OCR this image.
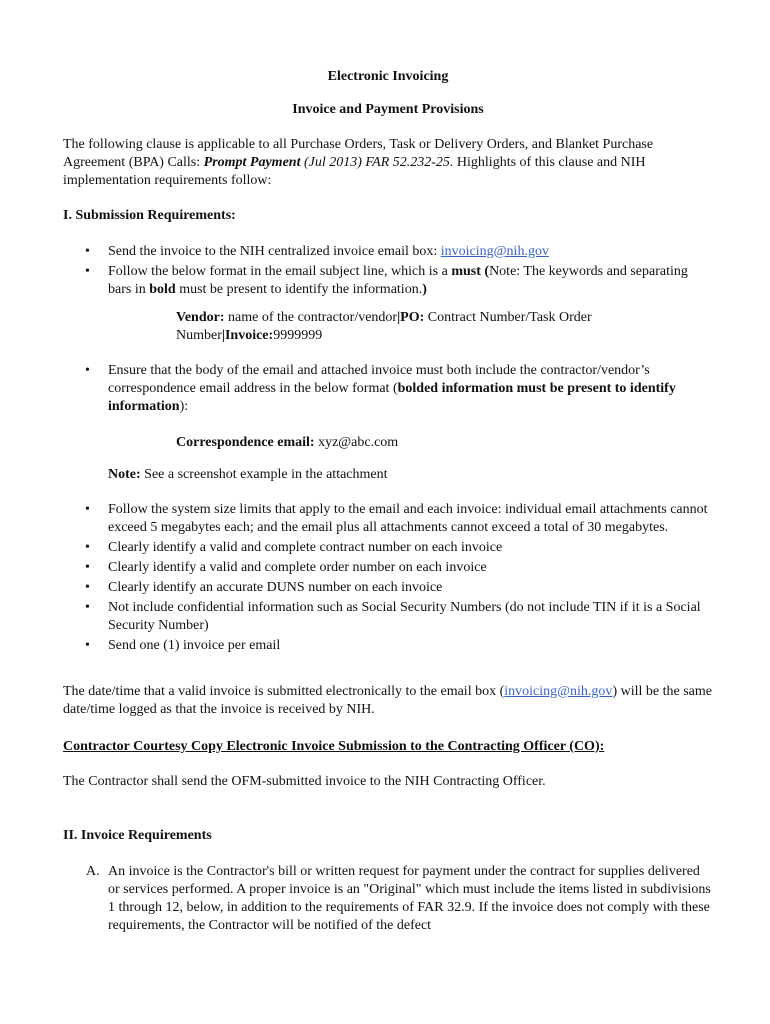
Electronic Invoicing

Invoice and Payment Provisions

The following clause is applicable to all Purchase Orders, Task or Delivery Orders, and Blanket Purchase Agreement (BPA) Calls: Prompt Payment (Jul 2013) FAR 52.232-25. Highlights of this clause and NIH implementation requirements follow:

I. Submission Requirements:

• Send the invoice to the NIH centralized invoice email box: invoicing@nih.gov
• Follow the below format in the email subject line, which is a must (Note: The keywords and separating bars in bold must be present to identify the information.)

Vendor: name of the contractor/vendor|PO: Contract Number/Task Order Number|Invoice:9999999

• Ensure that the body of the email and attached invoice must both include the contractor/vendor’s correspondence email address in the below format (bolded information must be present to identify information):

Correspondence email: xyz@abc.com

Note: See a screenshot example in the attachment

• Follow the system size limits that apply to the email and each invoice: individual email attachments cannot exceed 5 megabytes each; and the email plus all attachments cannot exceed a total of 30 megabytes.
• Clearly identify a valid and complete contract number on each invoice
• Clearly identify a valid and complete order number on each invoice
• Clearly identify an accurate DUNS number on each invoice
• Not include confidential information such as Social Security Numbers (do not include TIN if it is a Social Security Number)
• Send one (1) invoice per email

The date/time that a valid invoice is submitted electronically to the email box (invoicing@nih.gov) will be the same date/time logged as that the invoice is received by NIH.

Contractor Courtesy Copy Electronic Invoice Submission to the Contracting Officer (CO):

The Contractor shall send the OFM-submitted invoice to the NIH Contracting Officer.

II. Invoice Requirements

A. An invoice is the Contractor's bill or written request for payment under the contract for supplies delivered or services performed. A proper invoice is an "Original" which must include the items listed in subdivisions 1 through 12, below, in addition to the requirements of FAR 32.9. If the invoice does not comply with these requirements, the Contractor will be notified of the defect
